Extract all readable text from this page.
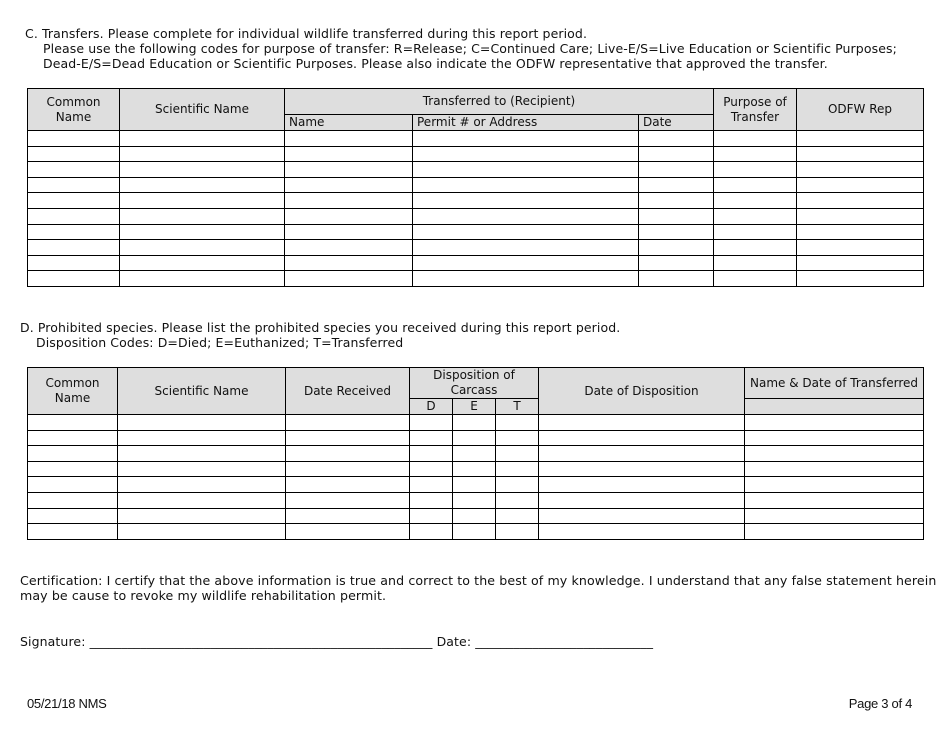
C. Transfers. Please complete for individual wildlife transferred during this report period.
Please use the following codes for purpose of transfer: R=Release; C=Continued Care; Live-E/S=Live Education or Scientific Purposes;
Dead-E/S=Dead Education or Scientific Purposes. Please also indicate the ODFW representative that approved the transfer.
Common Name	Scientific Name	Transferred to (Recipient)			Purpose of Transfer	ODFW Rep
		Name	Permit # or Address	Date		

D. Prohibited species. Please list the prohibited species you received during this report period.
Disposition Codes: D=Died; E=Euthanized; T=Transferred
Common Name	Scientific Name	Date Received	Disposition of Carcass			Date of Disposition	Name & Date of Transferred
			D	E	T		

Certification: I certify that the above information is true and correct to the best of my knowledge. I understand that any false statement herein
may be cause to revoke my wildlife rehabilitation permit.
Signature: ______________________________________________________ Date: ____________________________
05/21/18 NMS	Page 3 of 4
